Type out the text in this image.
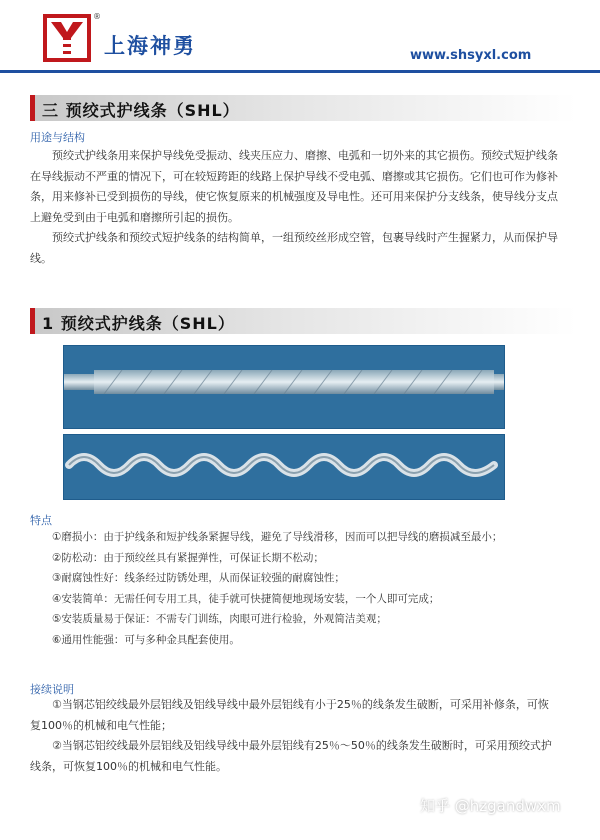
®
上海神勇	www.shsyxl.com
三 预绞式护线条（SHL）
用途与结构

预绞式护线条用来保护导线免受振动、线夹压应力、磨擦、电弧和一切外来的其它损伤。预绞式短护线条在导线振动不严重的情况下，可在较短跨距的线路上保护导线不受电弧、磨擦或其它损伤。它们也可作为修补条，用来修补已受到损伤的导线，使它恢复原来的机械强度及导电性。还可用来保护分支线条，使导线分支点上避免受到由于电弧和磨擦所引起的损伤。

预绞式护线条和预绞式短护线条的结构简单，一组预绞丝形成空管，包裹导线时产生握紧力，从而保护导线。

1 预绞式护线条（SHL）
特点
①磨损小：由于护线条和短护线条紧握导线，避免了导线滑移，因而可以把导线的磨损减至最小；
②防松动：由于预绞丝具有紧握弹性，可保证长期不松动；
③耐腐蚀性好：线条经过防锈处理，从而保证较强的耐腐蚀性；
④安装简单：无需任何专用工具，徒手就可快捷简便地现场安装，一个人即可完成；
⑤安装质量易于保证：不需专门训练，肉眼可进行检验，外观简洁美观；
⑥通用性能强：可与多种金具配套使用。
接续说明

①当钢芯铝绞线最外层铝线及铝线导线中最外层铝线有小于25％的线条发生破断，可采用补修条，可恢复100％的机械和电气性能；

②当钢芯铝绞线最外层铝线及铝线导线中最外层铝线有25％～50％的线条发生破断时，可采用预绞式护线条，可恢复100％的机械和电气性能。

知乎 @hzgandwxm
